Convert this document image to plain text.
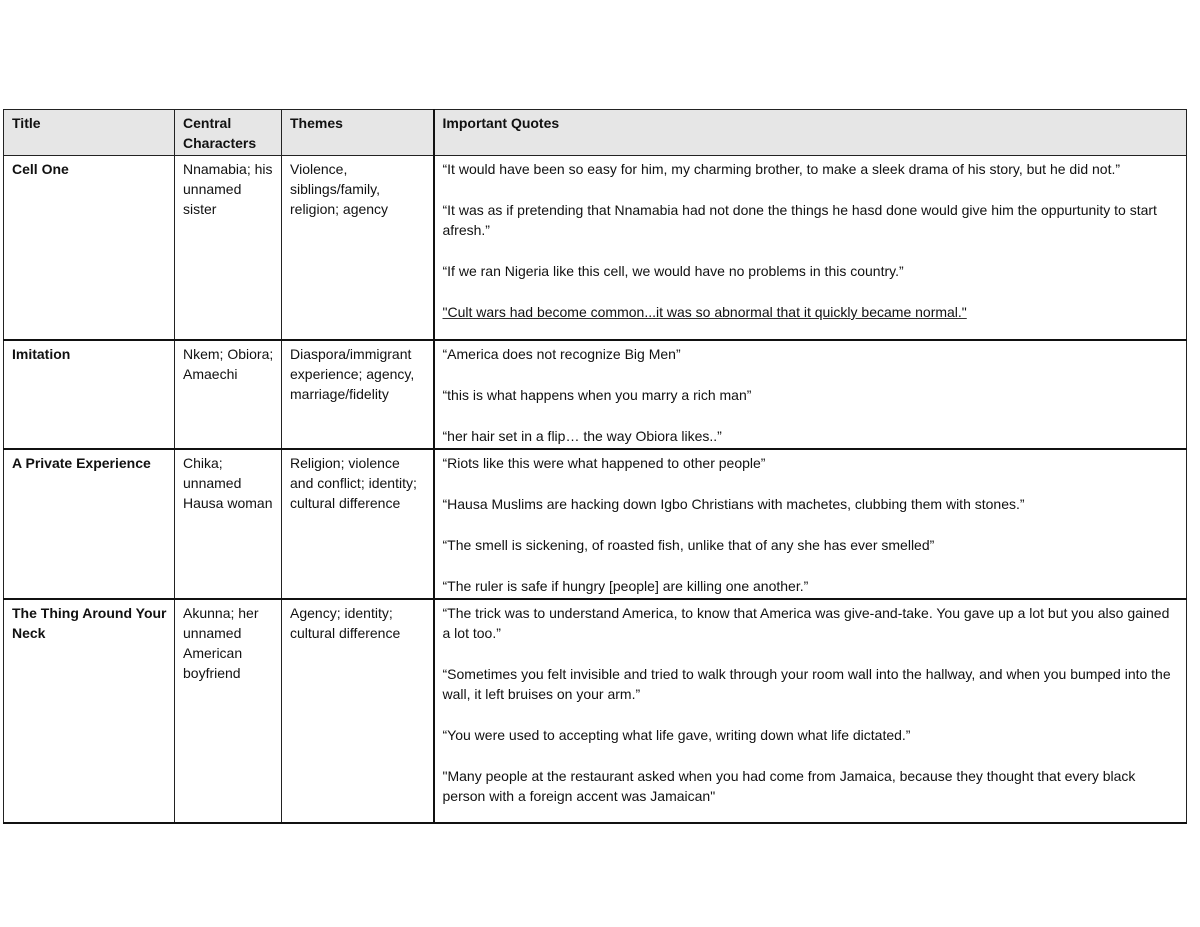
Title	Central Characters	Themes	Important Quotes
Cell One	Nnamabia; his unnamed sister	Violence, siblings/family, religion; agency	“It would have been so easy for him, my charming brother, to make a sleek drama of his story, but he did not.”
“It was as if pretending that Nnamabia had not done the things he hasd done would give him the oppurtunity to start afresh.”
“If we ran Nigeria like this cell, we would have no problems in this country.”
"Cult wars had become common...it was so abnormal that it quickly became normal."

Imitation	Nkem; Obiora; Amaechi	Diaspora/immigrant experience; agency, marriage/fidelity	“America does not recognize Big Men”
“this is what happens when you marry a rich man”
“her hair set in a flip… the way Obiora likes..”

A Private Experience	Chika; unnamed Hausa woman	Religion; violence and conflict; identity; cultural difference	“Riots like this were what happened to other people”
“Hausa Muslims are hacking down Igbo Christians with machetes, clubbing them with stones.”
“The smell is sickening, of roasted fish, unlike that of any she has ever smelled”
“The ruler is safe if hungry [people] are killing one another.”

The Thing Around Your Neck	Akunna; her unnamed American boyfriend	Agency; identity; cultural difference	“The trick was to understand America, to know that America was give-and-take. You gave up a lot but you also gained a lot too.”
“Sometimes you felt invisible and tried to walk through your room wall into the hallway, and when you bumped into the wall, it left bruises on your arm.”
“You were used to accepting what life gave, writing down what life dictated.”
"Many people at the restaurant asked when you had come from Jamaica, because they thought that every black person with a foreign accent was Jamaican"
